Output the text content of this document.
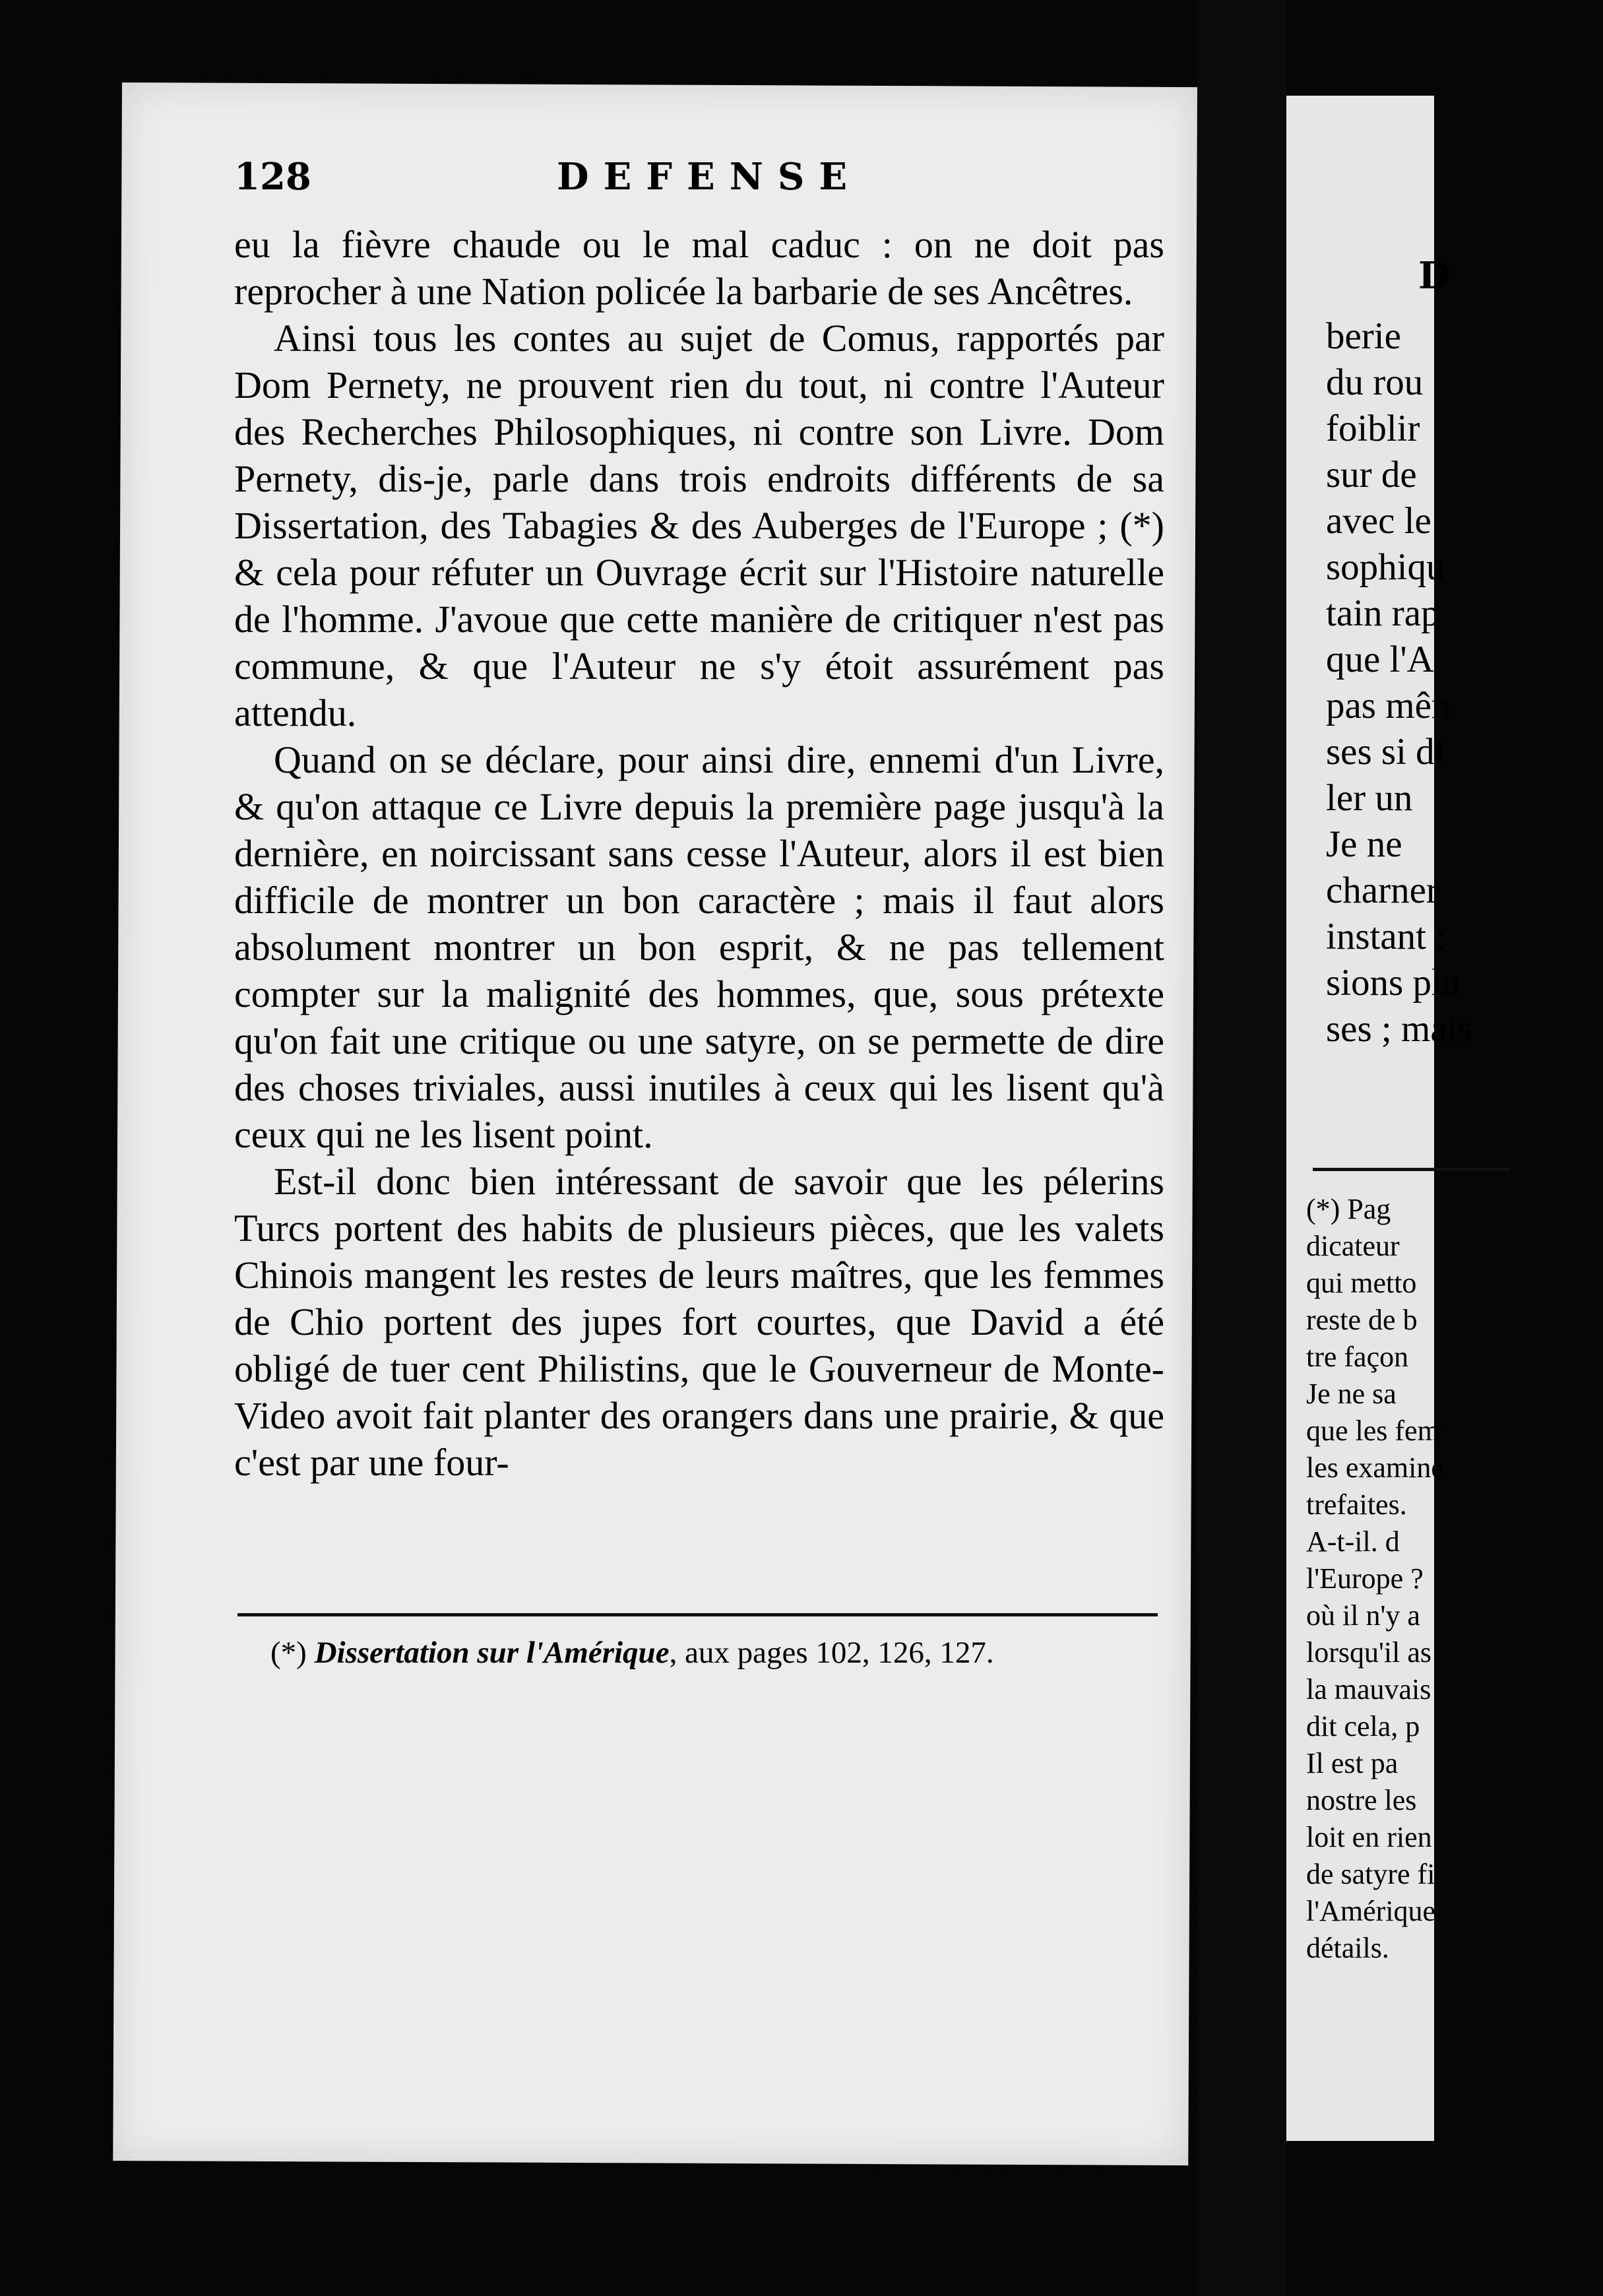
128	DEFENSE

eu la fièvre chaude ou le mal caduc : on ne doit pas reprocher à une Nation policée la barbarie de ses Ancêtres.

Ainsi tous les contes au sujet de Comus, rapportés par Dom Pernety, ne prouvent rien du tout, ni contre l'Auteur des Recherches Philosophiques, ni contre son Livre. Dom Pernety, dis-je, parle dans trois endroits différents de sa Dissertation, des Tabagies & des Auberges de l'Europe ; (*) & cela pour réfuter un Ouvrage écrit sur l'Histoire naturelle de l'homme. J'avoue que cette manière de critiquer n'est pas commune, & que l'Auteur ne s'y étoit assurément pas attendu.

Quand on se déclare, pour ainsi dire, ennemi d'un Livre, & qu'on attaque ce Livre depuis la première page jusqu'à la dernière, en noircissant sans cesse l'Auteur, alors il est bien difficile de montrer un bon caractère ; mais il faut alors absolument montrer un bon esprit, & ne pas tellement compter sur la malignité des hommes, que, sous prétexte qu'on fait une critique ou une satyre, on se permette de dire des choses triviales, aussi inutiles à ceux qui les lisent qu'à ceux qui ne les lisent point.

Est-il donc bien intéressant de savoir que les pélerins Turcs portent des habits de plusieurs pièces, que les valets Chinois mangent les restes de leurs maîtres, que les femmes de Chio portent des jupes fort courtes, que David a été obligé de tuer cent Philistins, que le Gouverneur de Monte-Video avoit fait planter des orangers dans une prairie, & que c'est par une four-

(*) Dissertation sur l'Amérique, aux pages 102, 126, 127.
D

berie

du rou

foiblir

sur de

avec le

sophiqu

tain rap

que l'A

pas mên

ses si di

ler un

Je ne

charner

instant :

sions plu

ses ; mais

(*) Pag

dicateur

qui metto

reste de b

tre façon

Je ne sa

que les fem

les examine

trefaites.

A-t-il. d

l'Europe ?

où il n'y a

lorsqu'il as

la mauvais

dit cela, p

Il est pa

nostre les

loit en rien

de satyre fi

l'Amérique

détails.
